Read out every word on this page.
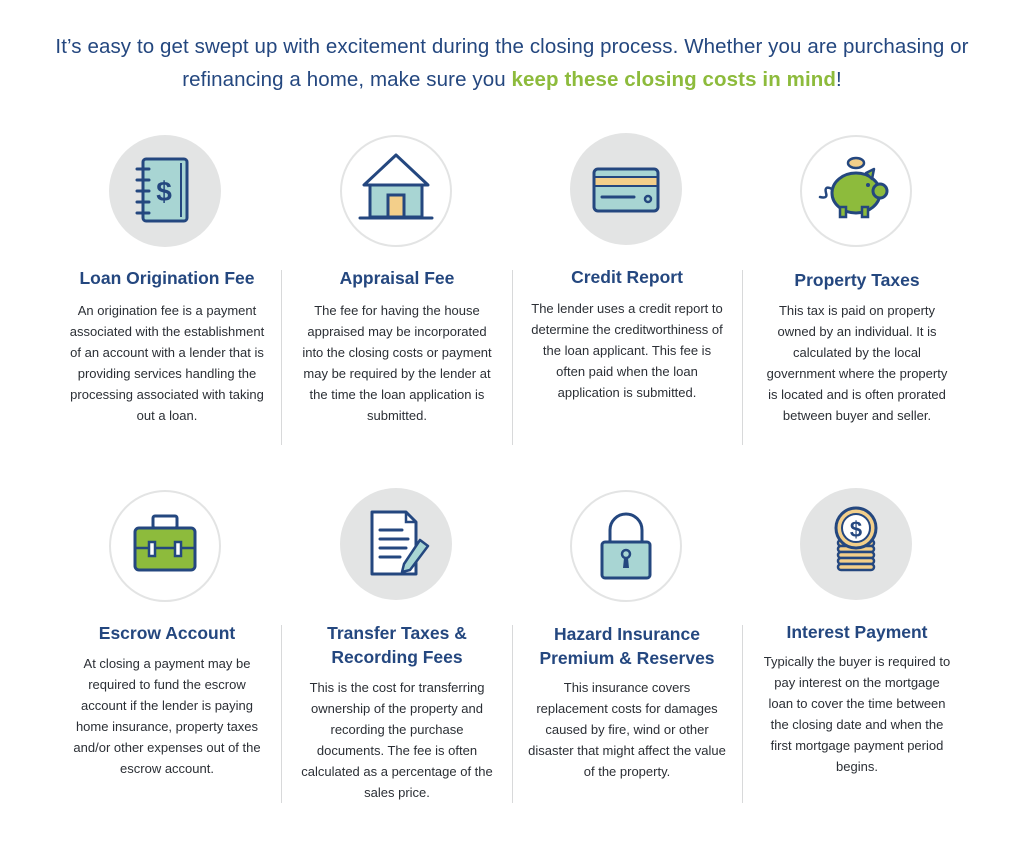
It’s easy to get swept up with excitement during the closing process. Whether you are purchasing or refinancing a home, make sure you keep these closing costs in mind!
$
Loan Origination Fee
An origination fee is a payment associated with the establishment of an account with a lender that is providing services handling the processing associated with taking out a loan.
Appraisal Fee
The fee for having the house appraised may be incorporated into the closing costs or payment may be required by the lender at the time the loan application is submitted.
Credit Report
The lender uses a credit report to determine the creditworthiness of the loan applicant. This fee is often paid when the loan application is submitted.
Property Taxes
This tax is paid on property owned by an individual. It is calculated by the local government where the property is located and is often prorated between buyer and seller.
Escrow Account
At closing a payment may be required to fund the escrow account if the lender is paying home insurance, property taxes and/or other expenses out of the escrow account.
Transfer Taxes & Recording Fees
This is the cost for transferring ownership of the property and recording the purchase documents. The fee is often calculated as a percentage of the sales price.
Hazard Insurance Premium & Reserves
This insurance covers replacement costs for damages caused by fire, wind or other disaster that might affect the value of the property.
$
Interest Payment
Typically the buyer is required to pay interest on the mortgage loan to cover the time between the closing date and when the first mortgage payment period begins.
